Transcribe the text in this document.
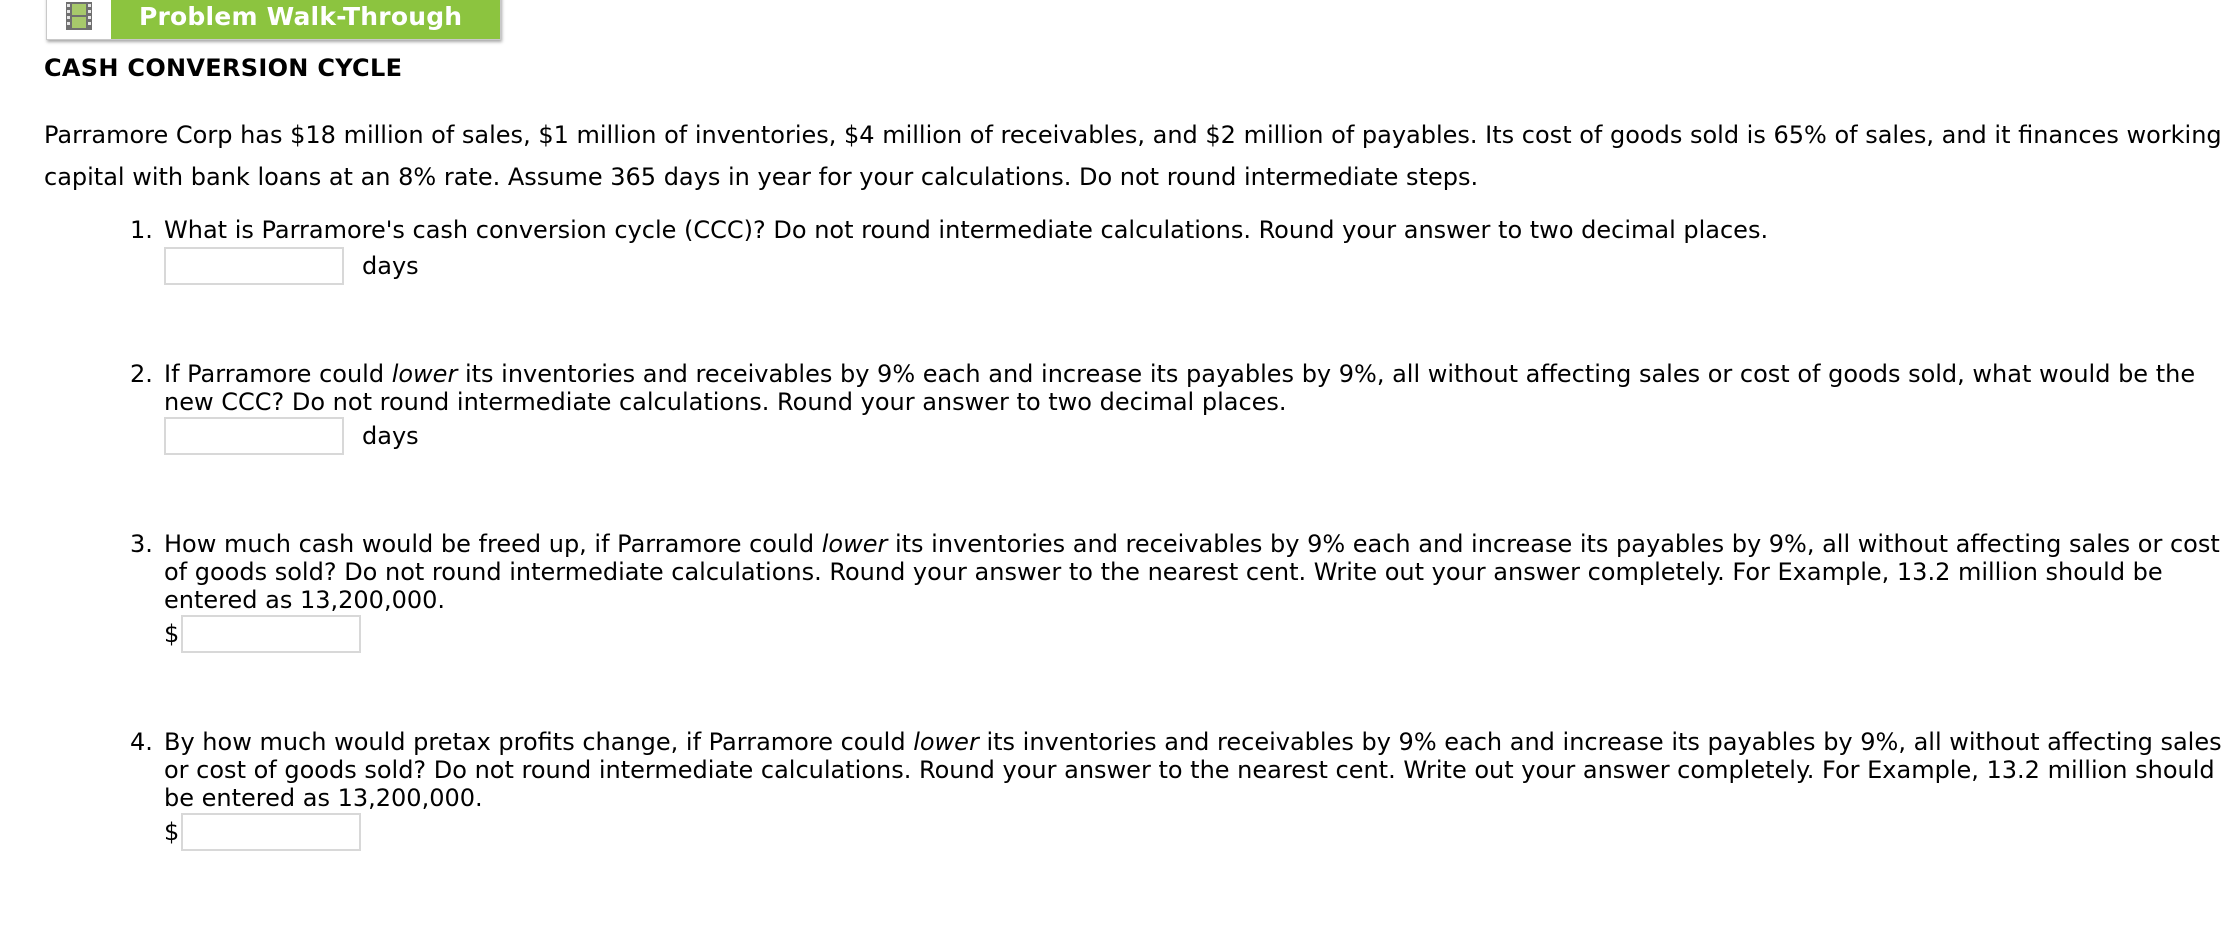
Problem Walk-Through
CASH CONVERSION CYCLE
Parramore Corp has $18 million of sales, $1 million of inventories, $4 million of receivables, and $2 million of payables. Its cost of goods sold is 65% of sales, and it finances working
capital with bank loans at an 8% rate. Assume 365 days in year for your calculations. Do not round intermediate steps.
1. What is Parramore's cash conversion cycle (CCC)? Do not round intermediate calculations. Round your answer to two decimal places.
days
2. If Parramore could lower its inventories and receivables by 9% each and increase its payables by 9%, all without affecting sales or cost of goods sold, what would be the
new CCC? Do not round intermediate calculations. Round your answer to two decimal places.
days
3. How much cash would be freed up, if Parramore could lower its inventories and receivables by 9% each and increase its payables by 9%, all without affecting sales or cost
of goods sold? Do not round intermediate calculations. Round your answer to the nearest cent. Write out your answer completely. For Example, 13.2 million should be
entered as 13,200,000.
$
4. By how much would pretax profits change, if Parramore could lower its inventories and receivables by 9% each and increase its payables by 9%, all without affecting sales
or cost of goods sold? Do not round intermediate calculations. Round your answer to the nearest cent. Write out your answer completely. For Example, 13.2 million should
be entered as 13,200,000.
$
